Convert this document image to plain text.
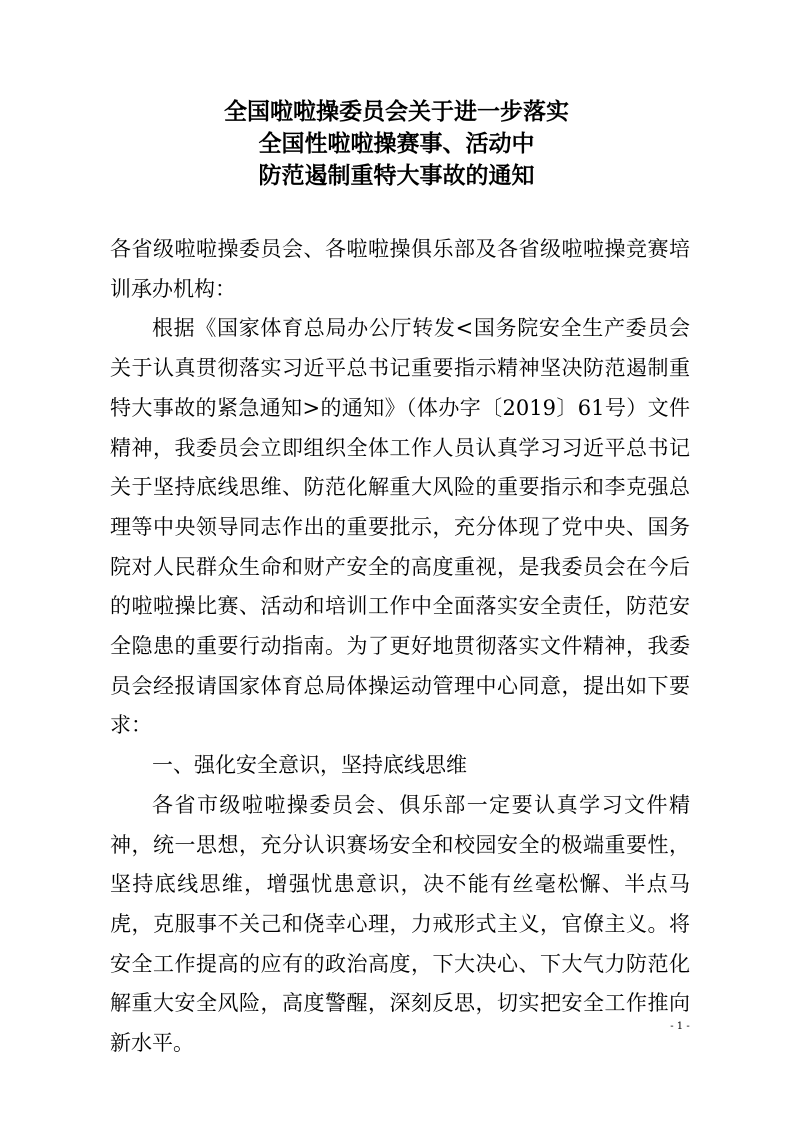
全国啦啦操委员会关于进一步落实
全国性啦啦操赛事、活动中
防范遏制重特大事故的通知

各省级啦啦操委员会、各啦啦操俱乐部及各省级啦啦操竞赛培训承办机构：

根据《国家体育总局办公厅转发<国务院安全生产委员会关于认真贯彻落实习近平总书记重要指示精神坚决防范遏制重特大事故的紧急通知>的通知》（体办字〔2019〕61号）文件精神，我委员会立即组织全体工作人员认真学习习近平总书记关于坚持底线思维、防范化解重大风险的重要指示和李克强总理等中央领导同志作出的重要批示，充分体现了党中央、国务院对人民群众生命和财产安全的高度重视，是我委员会在今后的啦啦操比赛、活动和培训工作中全面落实安全责任，防范安全隐患的重要行动指南。为了更好地贯彻落实文件精神，我委员会经报请国家体育总局体操运动管理中心同意，提出如下要求：

一、强化安全意识，坚持底线思维

各省市级啦啦操委员会、俱乐部一定要认真学习文件精神，统一思想，充分认识赛场安全和校园安全的极端重要性，坚持底线思维，增强忧患意识，决不能有丝毫松懈、半点马虎，克服事不关己和侥幸心理，力戒形式主义，官僚主义。将安全工作提高的应有的政治高度，下大决心、下大气力防范化解重大安全风险，高度警醒，深刻反思，切实把安全工作推向新水平。

- 1 -
